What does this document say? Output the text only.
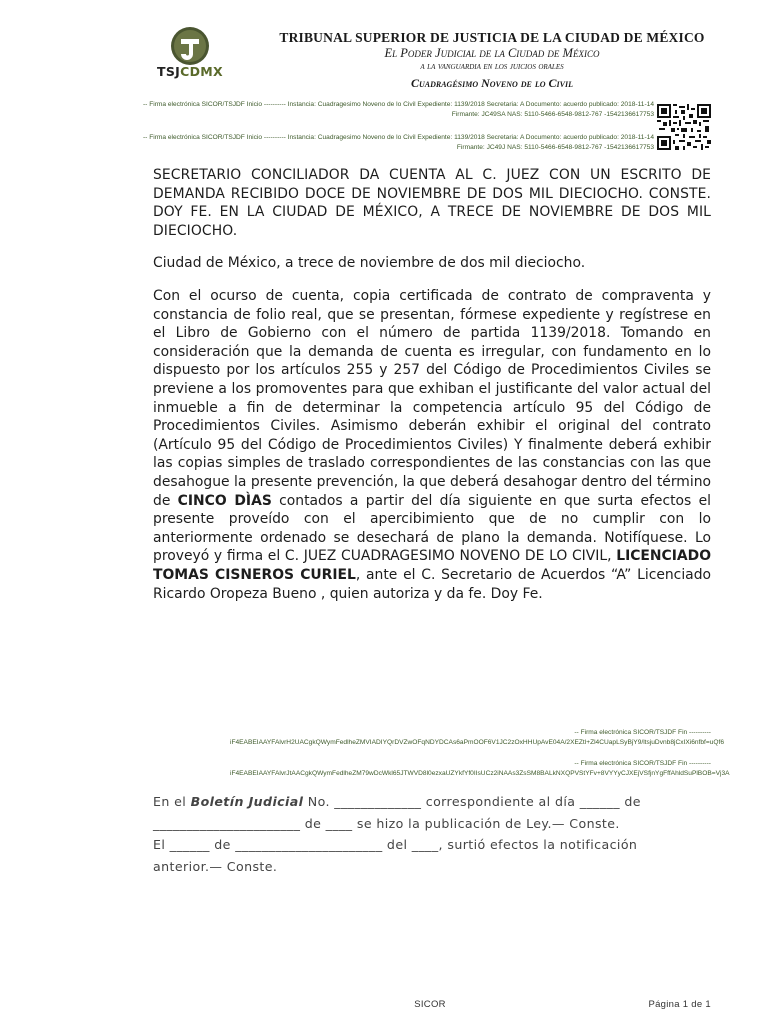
TSJCDMX
TRIBUNAL SUPERIOR DE JUSTICIA DE LA CIUDAD DE MÉXICO
El Poder Judicial de la Ciudad de México
a la vanguardia en los juicios orales
Cuadragésimo Noveno de lo Civil
-- Firma electrónica SICOR/TSJDF Inicio ---------- Instancia: Cuadragesimo Noveno de lo Civil Expediente: 1139/2018 Secretaria: A Documento: acuerdo publicado: 2018-11-14 Firmante: JC49SA NAS: 5110-5466-6548-9812-767 -1542136617753
-- Firma electrónica SICOR/TSJDF Inicio ---------- Instancia: Cuadragesimo Noveno de lo Civil Expediente: 1139/2018 Secretaria: A Documento: acuerdo publicado: 2018-11-14 Firmante: JC49J NAS: 5110-5466-6548-9812-767 -1542136617753
SECRETARIO CONCILIADOR DA CUENTA AL C. JUEZ CON UN ESCRITO DE DEMANDA RECIBIDO DOCE DE NOVIEMBRE DE DOS MIL DIECIOCHO. CONSTE. DOY FE. EN LA CIUDAD DE MÉXICO, A TRECE DE NOVIEMBRE DE DOS MIL DIECIOCHO.
Ciudad de México, a trece de noviembre de dos mil dieciocho.
Con el ocurso de cuenta, copia certificada de contrato de compraventa y constancia de folio real, que se presentan, fórmese expediente y regístrese en el Libro de Gobierno con el número de partida 1139/2018. Tomando en consideración que la demanda de cuenta es irregular, con fundamento en lo dispuesto por los artículos 255 y 257 del Código de Procedimientos Civiles se previene a los promoventes para que exhiban el justificante del valor actual del inmueble a fin de determinar la competencia artículo 95 del Código de Procedimientos Civiles. Asimismo deberán exhibir el original del contrato (Artículo 95 del Código de Procedimientos Civiles) Y finalmente deberá exhibir las copias simples de traslado correspondientes de las constancias con las que desahogue la presente prevención, la que deberá desahogar dentro del término de CINCO DÌAS contados a partir del día siguiente en que surta efectos el presente proveído con el apercibimiento que de no cumplir con lo anteriormente ordenado se desechará de plano la demanda. Notifíquese. Lo proveyó y firma el C. JUEZ CUADRAGESIMO NOVENO DE LO CIVIL, LICENCIADO TOMAS CISNEROS CURIEL, ante el C. Secretario de Acuerdos “A” Licenciado Ricardo Oropeza Bueno , quien autoriza y da fe. Doy Fe.
-- Firma electrónica SICOR/TSJDF Fin ---------- iF4EABEIAAYFAlvrH2UACgkQWymFedlheZMVIADIYQrDVZwOFqNDYDCAs6aPmOOF6V1JC2zOxHHUpAvE04A/2XEZtl+Zl4CUapLSyBjY9/ltsjuDvnb8jCxIXi6nfbf=uQf6
-- Firma electrónica SICOR/TSJDF Fin ---------- iF4EABEIAAYFAlvrJtAACgkQWymFedlheZM79wDcWkl65JTWVD8l0ezxaUZYkfYf0IIsUCz2iNAAs3ZsSM8BALkNXQPVStYFv+8VYYyCJXEjVSfjnYgFffAhldSuPlBOB=Vj3A
En el Boletín Judicial No. _____________ correspondiente al día ______ de
______________________ de ____ se hizo la publicación de Ley.— Conste.
El ______ de ______________________ del ____, surtió efectos la notificación
anterior.— Conste.
SICOR	Página 1 de 1
